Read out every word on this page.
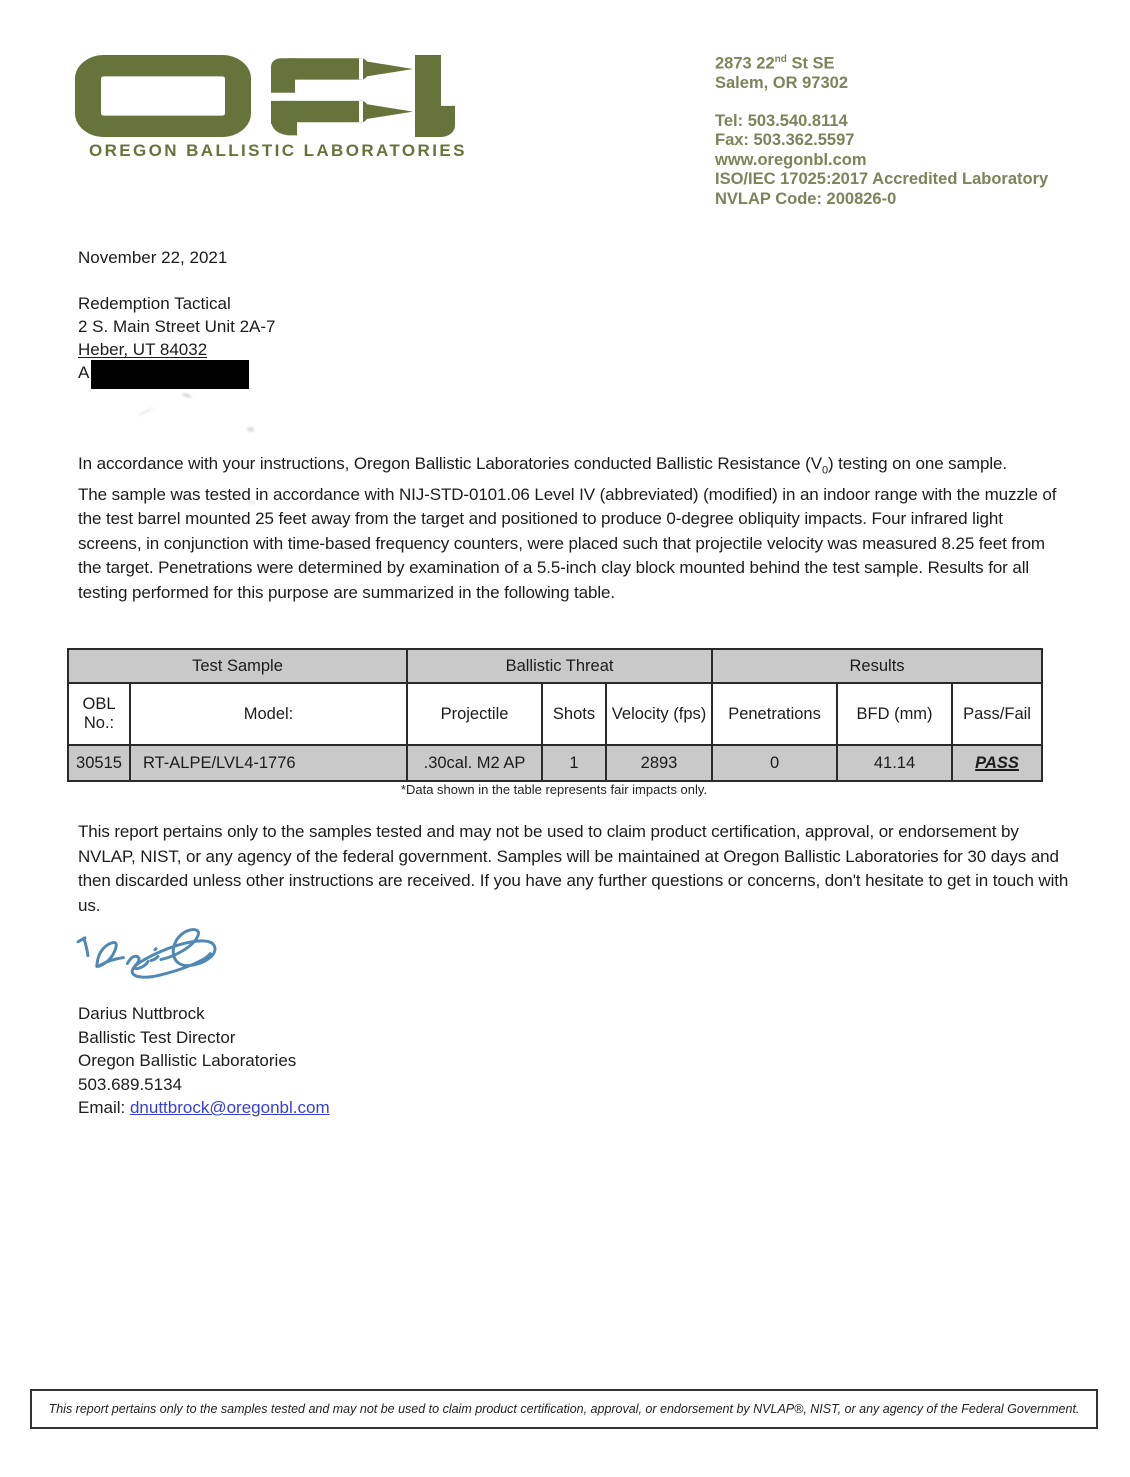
OREGON BALLISTIC LABORATORIES
2873 22nd St SE
Salem, OR 97302
Tel: 503.540.8114
Fax: 503.362.5597
www.oregonbl.com
ISO/IEC 17025:2017 Accredited Laboratory
NVLAP Code: 200826-0
November 22, 2021
Redemption Tactical
2 S. Main Street Unit 2A-7
Heber, UT 84032
A

In accordance with your instructions, Oregon Ballistic Laboratories conducted Ballistic Resistance $(V_0)$ testing on one sample.

The sample was tested in accordance with NIJ-STD-0101.06 Level IV (abbreviated) (modified) in an indoor range with the muzzle of the test barrel mounted 25 feet away from the target and positioned to produce 0-degree obliquity impacts. Four infrared light screens, in conjunction with time-based frequency counters, were placed such that projectile velocity was measured 8.25 feet from the target. Penetrations were determined by examination of a 5.5-inch clay block mounted behind the test sample. Results for all testing performed for this purpose are summarized in the following table.

Test Sample		Ballistic Threat			Results		
OBL No.:	Model:	Projectile	Shots	Velocity (fps)	Penetrations	BFD (mm)	Pass/Fail
30515	RT-ALPE/LVL4-1776	.30cal. M2 AP	1	2893	0	41.14	PASS
*Data shown in the table represents fair impacts only.

This report pertains only to the samples tested and may not be used to claim product certification, approval, or endorsement by NVLAP, NIST, or any agency of the federal government. Samples will be maintained at Oregon Ballistic Laboratories for 30 days and then discarded unless other instructions are received. If you have any further questions or concerns, don't hesitate to get in touch with us.

Darius Nuttbrock
Ballistic Test Director
Oregon Ballistic Laboratories
503.689.5134
Email: dnuttbrock@oregonbl.com
This report pertains only to the samples tested and may not be used to claim product certification, approval, or endorsement by NVLAP®, NIST, or any agency of the Federal Government.
